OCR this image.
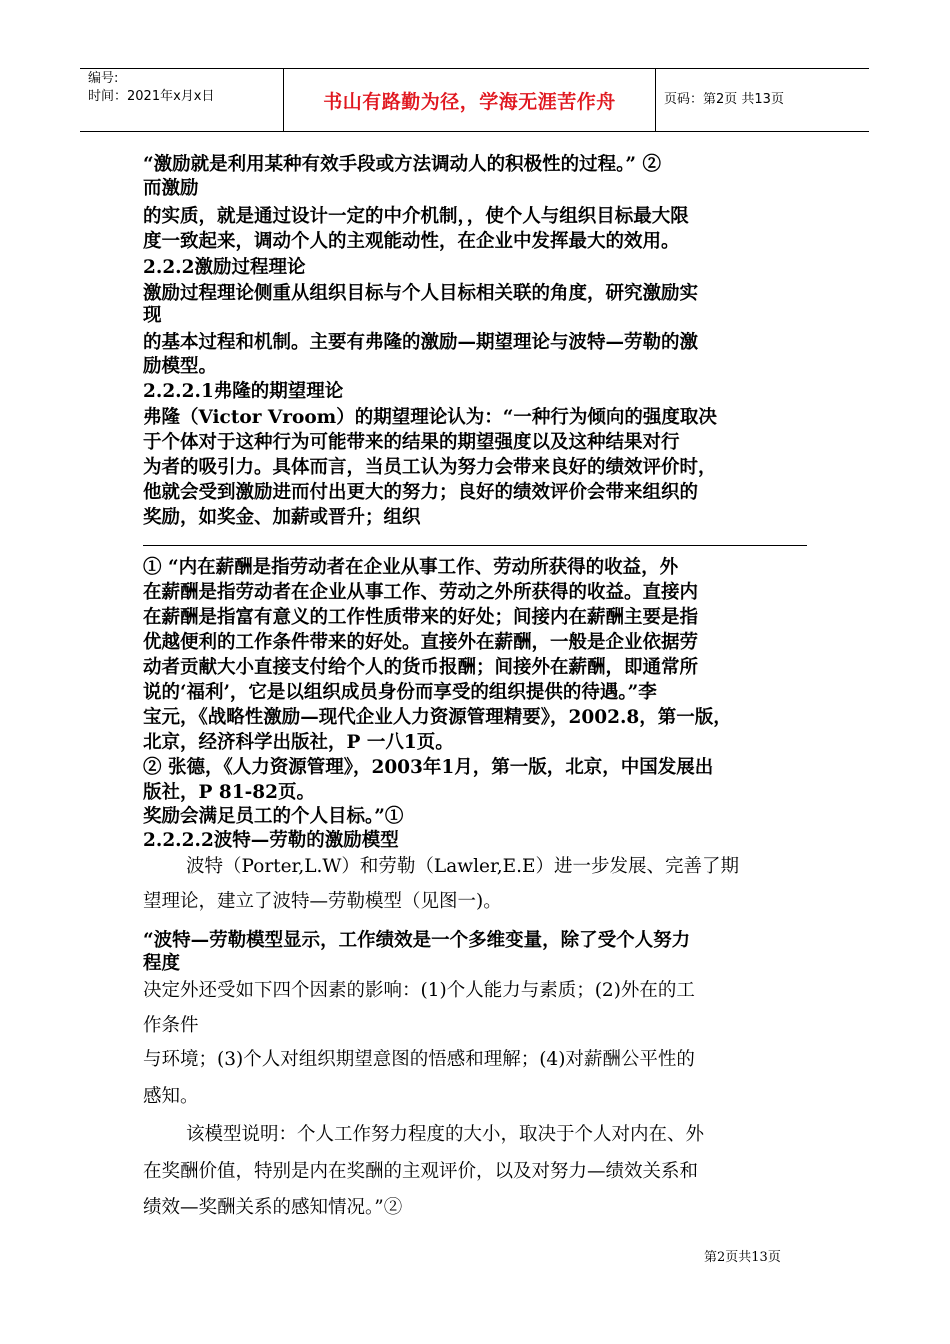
编号:
时间：2021年x月x日	书山有路勤为径，学海无涯苦作舟	页码：第2页 共13页
“激励就是利用某种有效手段或方法调动人的积极性的过程。” ②
而激励
的实质，就是通过设计一定的中介机制，，使个人与组织目标最大限
度一致起来，调动个人的主观能动性，在企业中发挥最大的效用。
2.2.2激励过程理论
激励过程理论侧重从组织目标与个人目标相关联的角度，研究激励实
现
的基本过程和机制。主要有弗隆的激励—期望理论与波特—劳勒的激
励模型。
2.2.2.1弗隆的期望理论
弗隆（Victor Vroom）的期望理论认为：“一种行为倾向的强度取决
于个体对于这种行为可能带来的结果的期望强度以及这种结果对行
为者的吸引力。具体而言，当员工认为努力会带来良好的绩效评价时，
他就会受到激励进而付出更大的努力；良好的绩效评价会带来组织的
奖励，如奖金、加薪或晋升；组织
① “内在薪酬是指劳动者在企业从事工作、劳动所获得的收益，外
在薪酬是指劳动者在企业从事工作、劳动之外所获得的收益。直接内
在薪酬是指富有意义的工作性质带来的好处；间接内在薪酬主要是指
优越便利的工作条件带来的好处。直接外在薪酬，一般是企业依据劳
动者贡献大小直接支付给个人的货币报酬；间接外在薪酬，即通常所
说的‘福利’，它是以组织成员身份而享受的组织提供的待遇。”李
宝元，《战略性激励—现代企业人力资源管理精要》，2002.8，第一版，
北京，经济科学出版社，P 一八1页。
② 张德，《人力资源管理》，2003年1月，第一版，北京，中国发展出
版社，P 81-82页。
奖励会满足员工的个人目标。”①
2.2.2.2波特—劳勒的激励模型
波特（Porter,L.W）和劳勒（Lawler,E.E）进一步发展、完善了期
望理论，建立了波特—劳勒模型（见图一)。
“波特—劳勒模型显示，工作绩效是一个多维变量，除了受个人努力
程度
决定外还受如下四个因素的影响：(1)个人能力与素质；(2)外在的工
作条件
与环境；(3)个人对组织期望意图的悟感和理解；(4)对薪酬公平性的
感知。
该模型说明：个人工作努力程度的大小，取决于个人对内在、外
在奖酬价值，特别是内在奖酬的主观评价，以及对努力—绩效关系和
绩效—奖酬关系的感知情况。”②
第2页共13页
